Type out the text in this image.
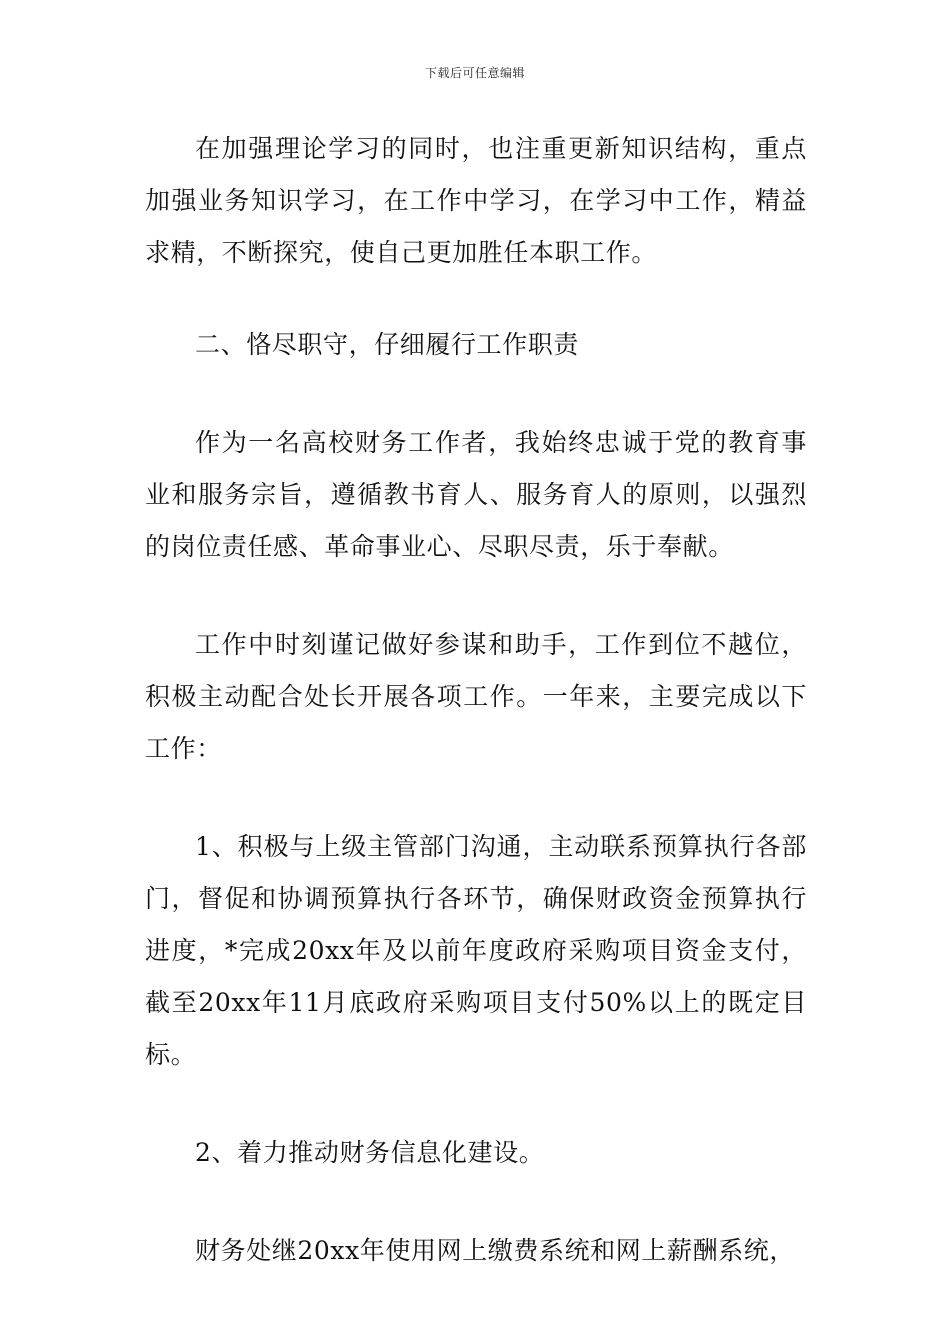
下载后可任意编辑

在加强理论学习的同时，也注重更新知识结构，重点加强业务知识学习，在工作中学习，在学习中工作，精益求精，不断探究，使自己更加胜任本职工作。

二、恪尽职守，仔细履行工作职责

作为一名高校财务工作者，我始终忠诚于党的教育事业和服务宗旨，遵循教书育人、服务育人的原则，以强烈的岗位责任感、革命事业心、尽职尽责，乐于奉献。

工作中时刻谨记做好参谋和助手，工作到位不越位，积极主动配合处长开展各项工作。一年来，主要完成以下工作：

1、积极与上级主管部门沟通，主动联系预算执行各部门，督促和协调预算执行各环节，确保财政资金预算执行进度，*完成20xx年及以前年度政府采购项目资金支付，截至20xx年11月底政府采购项目支付50%以上的既定目标。

2、着力推动财务信息化建设。

财务处继20xx年使用网上缴费系统和网上薪酬系统，
